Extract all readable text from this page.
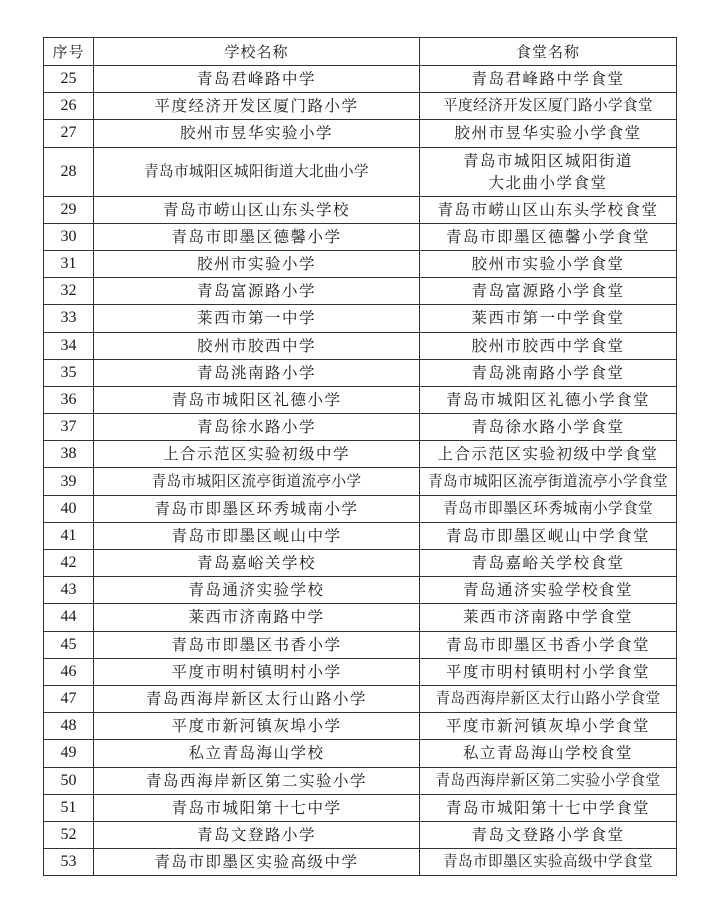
序号	学校名称	食堂名称
25	青岛君峰路中学	青岛君峰路中学食堂
26	平度经济开发区厦门路小学	平度经济开发区厦门路小学食堂
27	胶州市昱华实验小学	胶州市昱华实验小学食堂
28	青岛市城阳区城阳街道大北曲小学	青岛市城阳区城阳街道
大北曲小学食堂

29	青岛市崂山区山东头学校	青岛市崂山区山东头学校食堂
30	青岛市即墨区德馨小学	青岛市即墨区德馨小学食堂
31	胶州市实验小学	胶州市实验小学食堂
32	青岛富源路小学	青岛富源路小学食堂
33	莱西市第一中学	莱西市第一中学食堂
34	胶州市胶西中学	胶州市胶西中学食堂
35	青岛洮南路小学	青岛洮南路小学食堂
36	青岛市城阳区礼德小学	青岛市城阳区礼德小学食堂
37	青岛徐水路小学	青岛徐水路小学食堂
38	上合示范区实验初级中学	上合示范区实验初级中学食堂
39	青岛市城阳区流亭街道流亭小学	青岛市城阳区流亭街道流亭小学食堂
40	青岛市即墨区环秀城南小学	青岛市即墨区环秀城南小学食堂
41	青岛市即墨区岘山中学	青岛市即墨区岘山中学食堂
42	青岛嘉峪关学校	青岛嘉峪关学校食堂
43	青岛通济实验学校	青岛通济实验学校食堂
44	莱西市济南路中学	莱西市济南路中学食堂
45	青岛市即墨区书香小学	青岛市即墨区书香小学食堂
46	平度市明村镇明村小学	平度市明村镇明村小学食堂
47	青岛西海岸新区太行山路小学	青岛西海岸新区太行山路小学食堂
48	平度市新河镇灰埠小学	平度市新河镇灰埠小学食堂
49	私立青岛海山学校	私立青岛海山学校食堂
50	青岛西海岸新区第二实验小学	青岛西海岸新区第二实验小学食堂
51	青岛市城阳第十七中学	青岛市城阳第十七中学食堂
52	青岛文登路小学	青岛文登路小学食堂
53	青岛市即墨区实验高级中学	青岛市即墨区实验高级中学食堂
